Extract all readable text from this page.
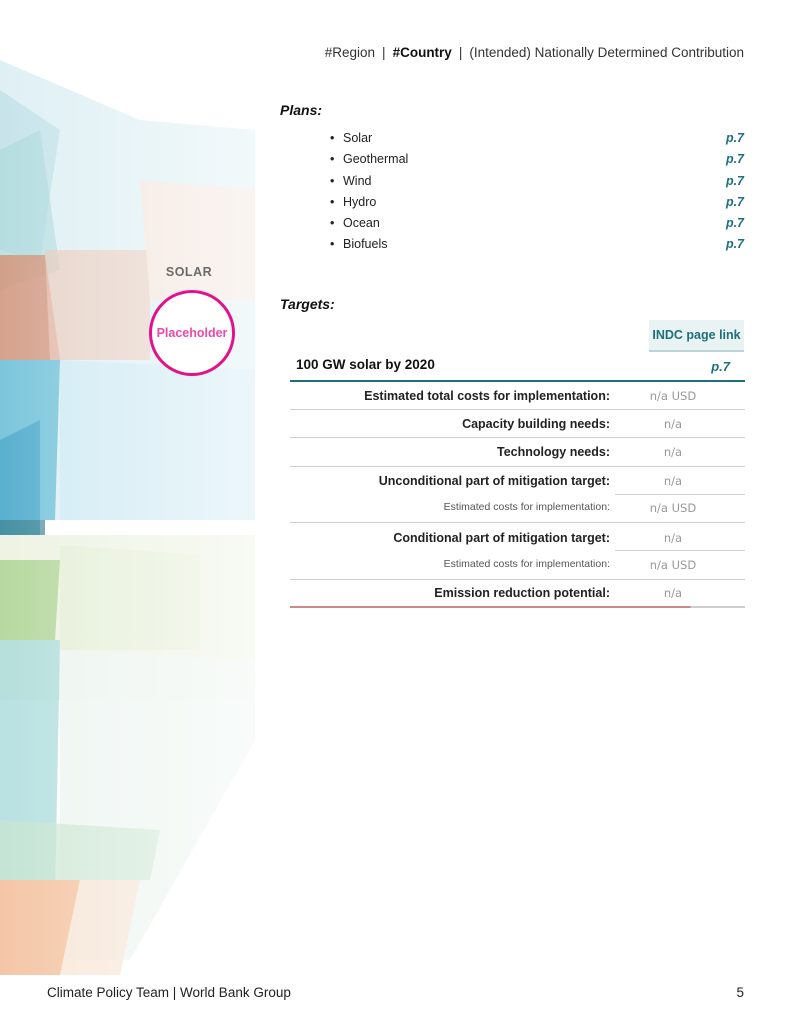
#Region | #Country | (Intended) Nationally Determined Contribution
Plans:
• Solar	p.7
• Geothermal	p.7
• Wind	p.7
• Hydro	p.7
• Ocean	p.7
• Biofuels	p.7
SOLAR
Placeholder
Targets:
INDC page link
100 GW solar by 2020	p.7
Estimated total costs for implementation:	n/a USD
Capacity building needs:	n/a
Technology needs:	n/a
Unconditional part of mitigation target:	n/a
Estimated costs for implementation:	n/a USD
Conditional part of mitigation target:	n/a
Estimated costs for implementation:	n/a USD
Emission reduction potential:	n/a
Climate Policy Team | World Bank Group	5
